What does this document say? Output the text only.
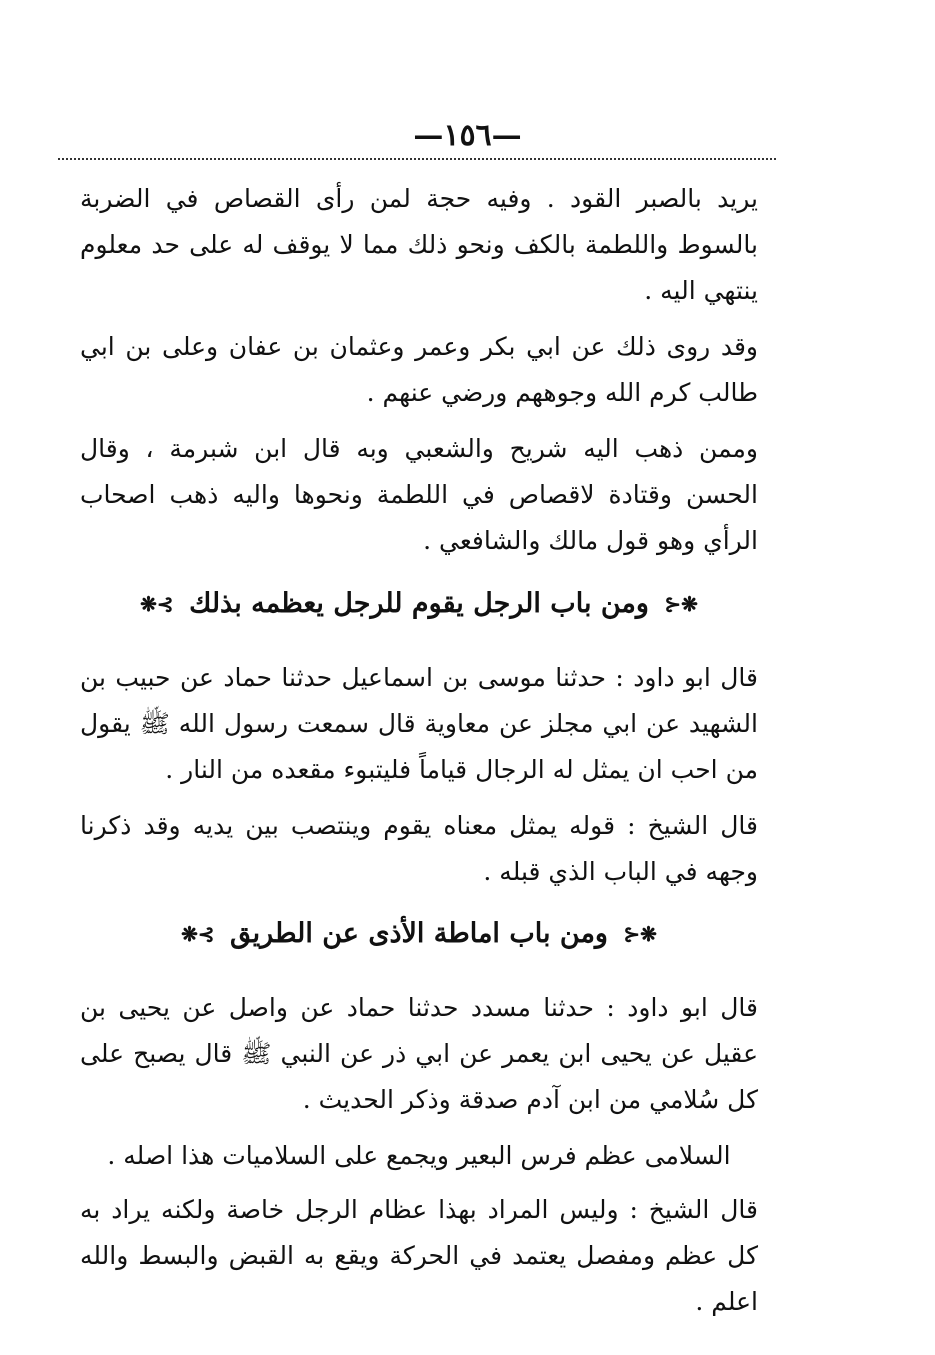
—١٥٦—

يريد بالصبر القود . وفيه حجة لمن رأى القصاص في الضربة بالسوط واللطمة بالكف ونحو ذلك مما لا يوقف له على حد معلوم ينتهي اليه .

وقد روى ذلك عن ابي بكر وعمر وعثمان بن عفان وعلى بن ابي طالب كرم الله وجوههم ورضي عنهم .

وممن ذهب اليه شريح والشعبي وبه قال ابن شبرمة ، وقال الحسن وقتادة لاقصاص في اللطمة ونحوها واليه ذهب اصحاب الرأي وهو قول مالك والشافعي .

❋⊰ ومن باب الرجل يقوم للرجل يعظمه بذلك ⊱❋

قال ابو داود : حدثنا موسى بن اسماعيل حدثنا حماد عن حبيب بن الشهيد عن ابي مجلز عن معاوية قال سمعت رسول الله ﷺ يقول من احب ان يمثل له الرجال قياماً فليتبوء مقعده من النار .

قال الشيخ : قوله يمثل معناه يقوم وينتصب بين يديه وقد ذكرنا وجهه في الباب الذي قبله .

❋⊰ ومن باب اماطة الأذى عن الطريق ⊱❋

قال ابو داود : حدثنا مسدد حدثنا حماد عن واصل عن يحيى بن عقيل عن يحيى ابن يعمر عن ابي ذر عن النبي ﷺ قال يصبح على كل سُلامي من ابن آدم صدقة وذكر الحديث .

السلامى عظم فرس البعير ويجمع على السلاميات هذا اصله .

قال الشيخ : وليس المراد بهذا عظام الرجل خاصة ولكنه يراد به كل عظم ومفصل يعتمد في الحركة ويقع به القبض والبسط والله اعلم .
